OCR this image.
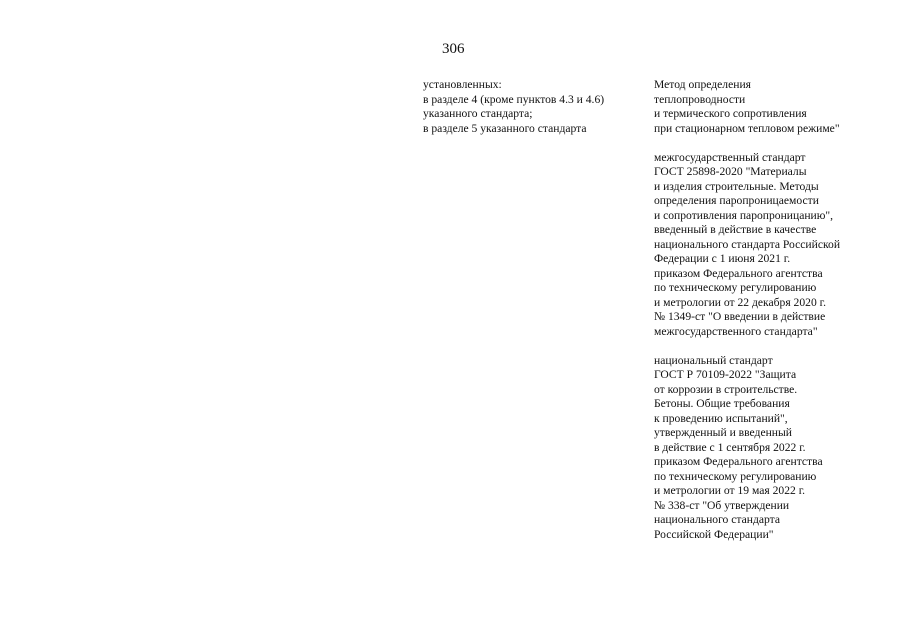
306
установленных:
в разделе 4 (кроме пунктов 4.3 и 4.6)
указанного стандарта;
в разделе 5 указанного стандарта
Метод определения
теплопроводности
и термического сопротивления
при стационарном тепловом режиме"
межгосударственный стандарт
ГОСТ 25898-2020 "Материалы
и изделия строительные. Методы
определения паропроницаемости
и сопротивления паропроницанию",
введенный в действие в качестве
национального стандарта Российской
Федерации с 1 июня 2021 г.
приказом Федерального агентства
по техническому регулированию
и метрологии от 22 декабря 2020 г.
№ 1349-ст "О введении в действие
межгосударственного стандарта"
национальный стандарт
ГОСТ Р 70109-2022 "Защита
от коррозии в строительстве.
Бетоны. Общие требования
к проведению испытаний",
утвержденный и введенный
в действие с 1 сентября 2022 г.
приказом Федерального агентства
по техническому регулированию
и метрологии от 19 мая 2022 г.
№ 338-ст "Об утверждении
национального стандарта
Российской Федерации"
